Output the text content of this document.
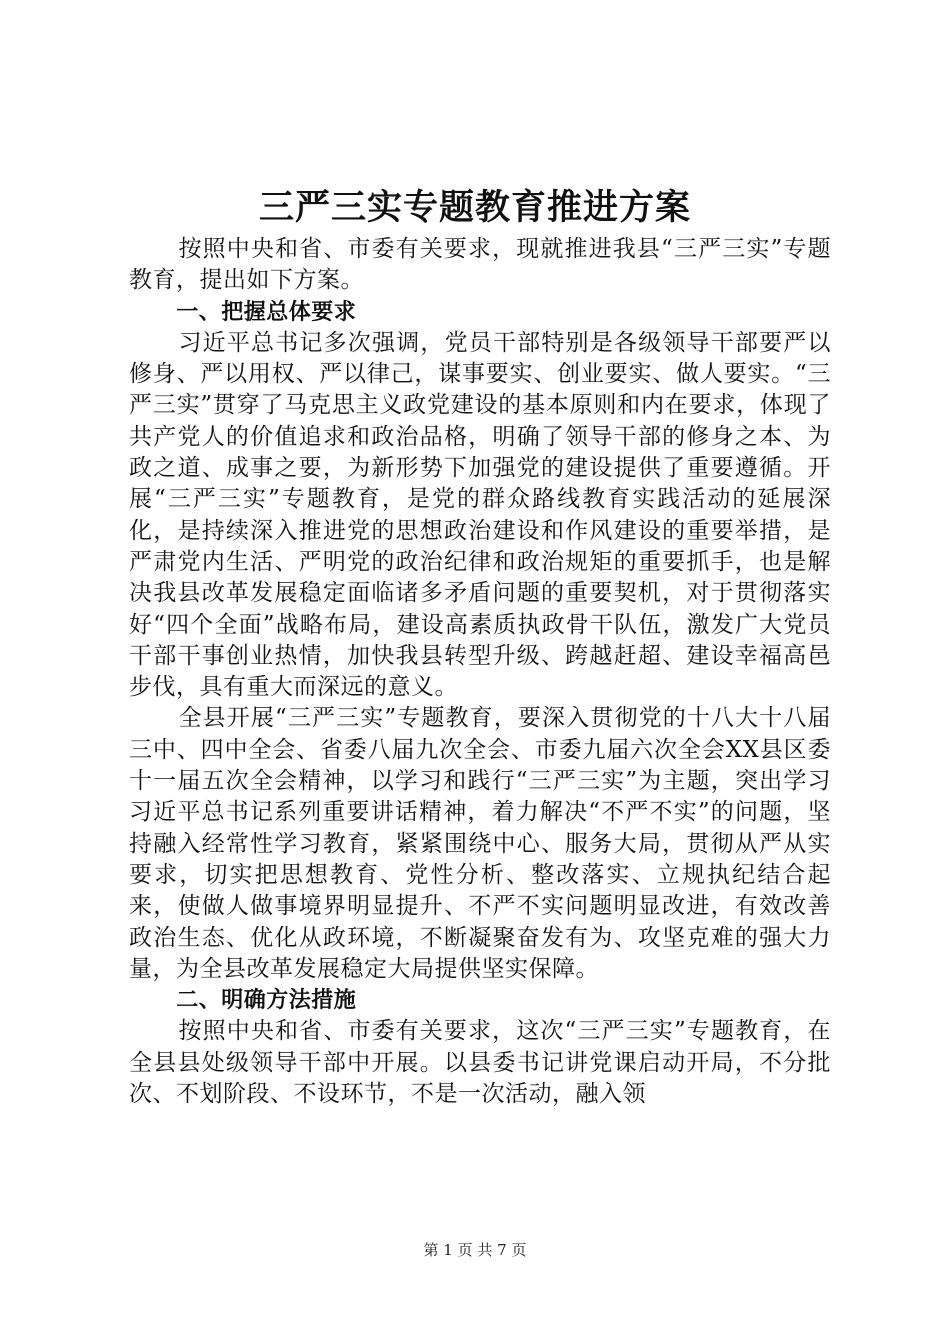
三严三实专题教育推进方案

按照中央和省、市委有关要求，现就推进我县“三严三实”专题教育，提出如下方案。

一、把握总体要求

习近平总书记多次强调，党员干部特别是各级领导干部要严以修身、严以用权、严以律己，谋事要实、创业要实、做人要实。“三严三实”贯穿了马克思主义政党建设的基本原则和内在要求，体现了共产党人的价值追求和政治品格，明确了领导干部的修身之本、为政之道、成事之要，为新形势下加强党的建设提供了重要遵循。开展“三严三实”专题教育，是党的群众路线教育实践活动的延展深化，是持续深入推进党的思想政治建设和作风建设的重要举措，是严肃党内生活、严明党的政治纪律和政治规矩的重要抓手，也是解决我县改革发展稳定面临诸多矛盾问题的重要契机，对于贯彻落实好“四个全面”战略布局，建设高素质执政骨干队伍，激发广大党员干部干事创业热情，加快我县转型升级、跨越赶超、建设幸福高邑步伐，具有重大而深远的意义。

全县开展“三严三实”专题教育，要深入贯彻党的十八大十八届三中、四中全会、省委八届九次全会、市委九届六次全会XX县区委十一届五次全会精神，以学习和践行“三严三实”为主题，突出学习习近平总书记系列重要讲话精神，着力解决“不严不实”的问题，坚持融入经常性学习教育，紧紧围绕中心、服务大局，贯彻从严从实要求，切实把思想教育、党性分析、整改落实、立规执纪结合起来，使做人做事境界明显提升、不严不实问题明显改进，有效改善政治生态、优化从政环境，不断凝聚奋发有为、攻坚克难的强大力量，为全县改革发展稳定大局提供坚实保障。

二、明确方法措施

按照中央和省、市委有关要求，这次“三严三实”专题教育，在全县县处级领导干部中开展。以县委书记讲党课启动开局，不分批次、不划阶段、不设环节，不是一次活动，融入领

第 1 页 共 7 页
